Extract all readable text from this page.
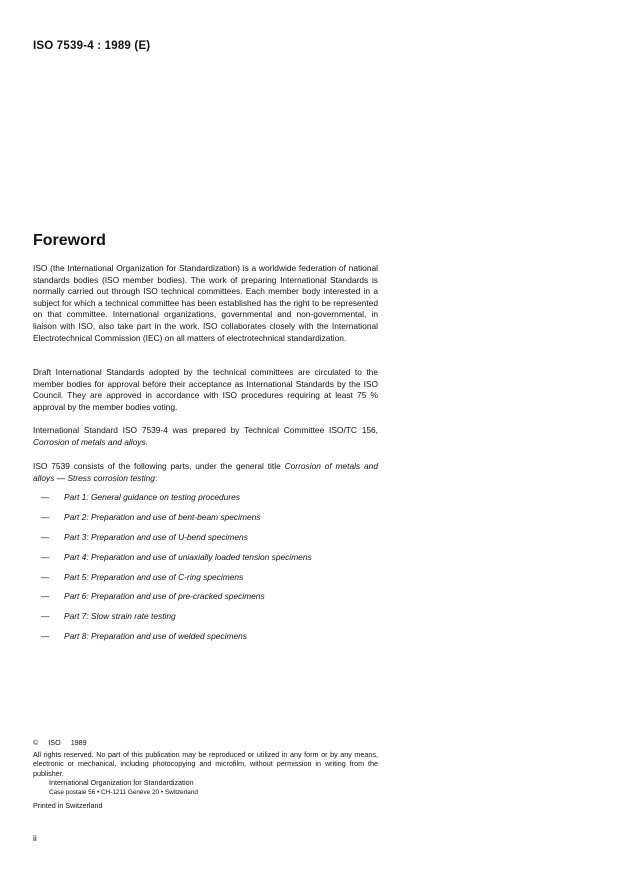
ISO 7539-4 : 1989 (E)
Foreword

ISO (the International Organization for Standardization) is a worldwide federation of national standards bodies (ISO member bodies). The work of preparing International Standards is normally carried out through ISO technical committees. Each member body interested in a subject for which a technical committee has been established has the right to be represented on that committee. International organizations, governmental and non-governmental, in liaison with ISO, also take part in the work. ISO collaborates closely with the International Electrotechnical Commission (IEC) on all matters of electrotechnical standardization.

Draft International Standards adopted by the technical committees are circulated to the member bodies for approval before their acceptance as International Standards by the ISO Council. They are approved in accordance with ISO procedures requiring at least 75 % approval by the member bodies voting.

International Standard ISO 7539-4 was prepared by Technical Committee ISO/TC 156, Corrosion of metals and alloys.

ISO 7539 consists of the following parts, under the general title Corrosion of metals and alloys — Stress corrosion testing:

— Part 1: General guidance on testing procedures
— Part 2: Preparation and use of bent-beam specimens
— Part 3: Preparation and use of U-bend specimens
— Part 4: Preparation and use of uniaxially loaded tension specimens
— Part 5: Preparation and use of C-ring specimens
— Part 6: Preparation and use of pre-cracked specimens
— Part 7: Slow strain rate testing
— Part 8: Preparation and use of welded specimens
© ISO 1989
All rights reserved. No part of this publication may be reproduced or utilized in any form or by any means, electronic or mechanical, including photocopying and microfilm, without permission in writing from the publisher.
International Organization for Standardization
Case postale 56 • CH-1211 Genève 20 • Switzerland
Printed in Switzerland
ii
